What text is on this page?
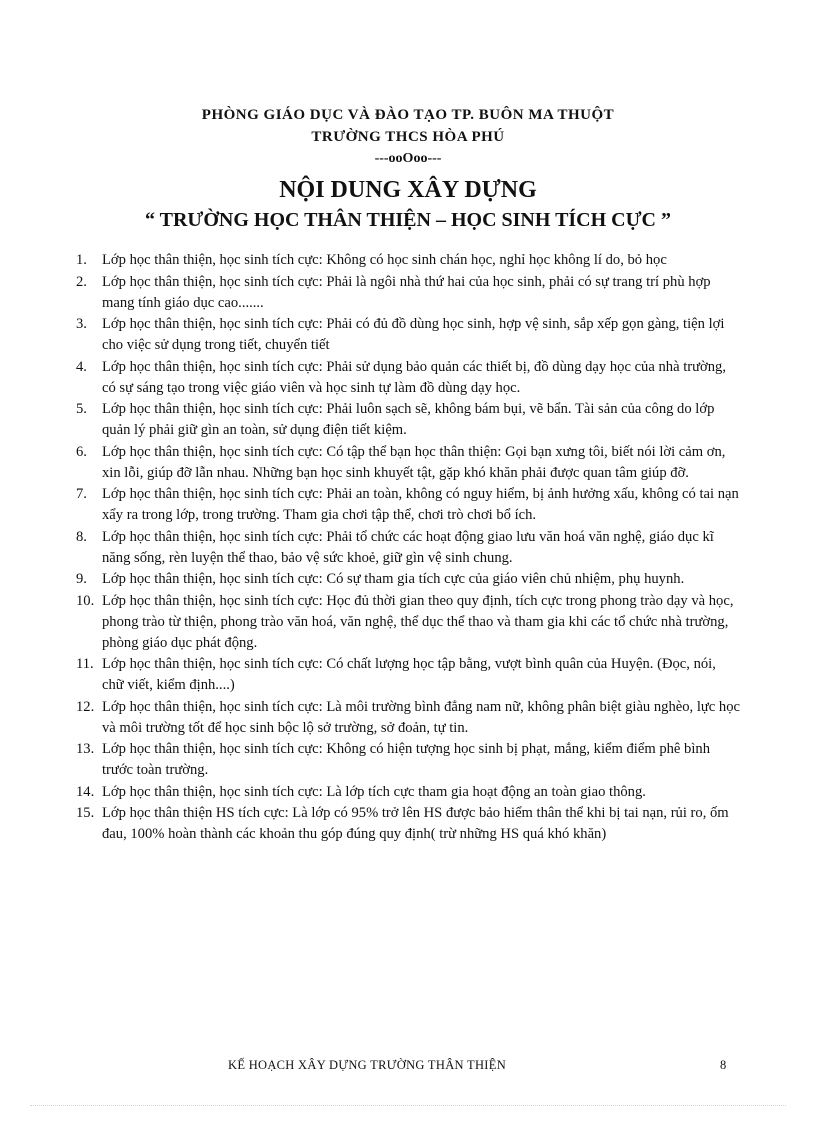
PHÒNG GIÁO DỤC VÀ ĐÀO TẠO TP. BUÔN MA THUỘT

TRƯỜNG THCS HÒA PHÚ

---ooOoo---

NỘI DUNG XÂY DỰNG

“ TRƯỜNG HỌC THÂN THIỆN – HỌC SINH TÍCH CỰC ”

1. Lớp học thân thiện, học sinh tích cực: Không có học sinh chán học, nghỉ học không lí do, bỏ học
2. Lớp học thân thiện, học sinh tích cực: Phải là ngôi nhà thứ hai của học sinh, phải có sự trang trí phù hợp mang tính giáo dục cao.......
3. Lớp học thân thiện, học sinh tích cực: Phải có đủ đồ dùng học sinh, hợp vệ sinh, sắp xếp gọn gàng, tiện lợi cho việc sử dụng trong tiết, chuyển tiết
4. Lớp học thân thiện, học sinh tích cực: Phải sử dụng bảo quản các thiết bị, đồ dùng dạy học của nhà trường, có sự sáng tạo trong việc giáo viên và học sinh tự làm đồ dùng dạy học.
5. Lớp học thân thiện, học sinh tích cực: Phải luôn sạch sẽ, không bám bụi, vẽ bẩn. Tài sản của công do lớp quản lý phải giữ gìn an toàn, sử dụng điện tiết kiệm.
6. Lớp học thân thiện, học sinh tích cực: Có tập thể bạn học thân thiện: Gọi bạn xưng tôi, biết nói lời cảm ơn, xin lỗi, giúp đỡ lẫn nhau. Những bạn học sinh khuyết tật, gặp khó khăn phải được quan tâm giúp đỡ.
7. Lớp học thân thiện, học sinh tích cực: Phải an toàn, không có nguy hiểm, bị ảnh hưởng xấu, không có tai nạn xẩy ra trong lớp, trong trường. Tham gia chơi tập thể, chơi trò chơi bổ ích.
8. Lớp học thân thiện, học sinh tích cực: Phải tổ chức các hoạt động giao lưu văn hoá văn nghệ, giáo dục kĩ năng sống, rèn luyện thể thao, bảo vệ sức khoẻ, giữ gìn vệ sinh chung.
9. Lớp học thân thiện, học sinh tích cực: Có sự tham gia tích cực của giáo viên chủ nhiệm, phụ huynh.
10. Lớp học thân thiện, học sinh tích cực: Học đủ thời gian theo quy định, tích cực trong phong trào dạy và học, phong trào từ thiện, phong trào văn hoá, văn nghệ, thể dục thể thao và tham gia khi các tổ chức nhà trường, phòng giáo dục phát động.
11. Lớp học thân thiện, học sinh tích cực: Có chất lượng học tập bằng, vượt bình quân của Huyện. (Đọc, nói, chữ viết, kiểm định....)
12. Lớp học thân thiện, học sinh tích cực: Là môi trường bình đẳng nam nữ, không phân biệt giàu nghèo, lực học và môi trường tốt để học sinh bộc lộ sở trường, sở đoản, tự tin.
13. Lớp học thân thiện, học sinh tích cực: Không có hiện tượng học sinh bị phạt, mắng, kiểm điểm phê bình trước toàn trường.
14. Lớp học thân thiện, học sinh tích cực: Là lớp tích cực tham gia hoạt động an toàn giao thông.
15. Lớp học thân thiện HS tích cực: Là lớp có 95% trở lên HS được bảo hiểm thân thể khi bị tai nạn, rủi ro, ốm đau, 100% hoàn thành các khoản thu góp đúng quy định( trừ những HS quá khó khăn)
KẾ HOẠCH XÂY DỰNG TRƯỜNG THÂN THIỆN	8
